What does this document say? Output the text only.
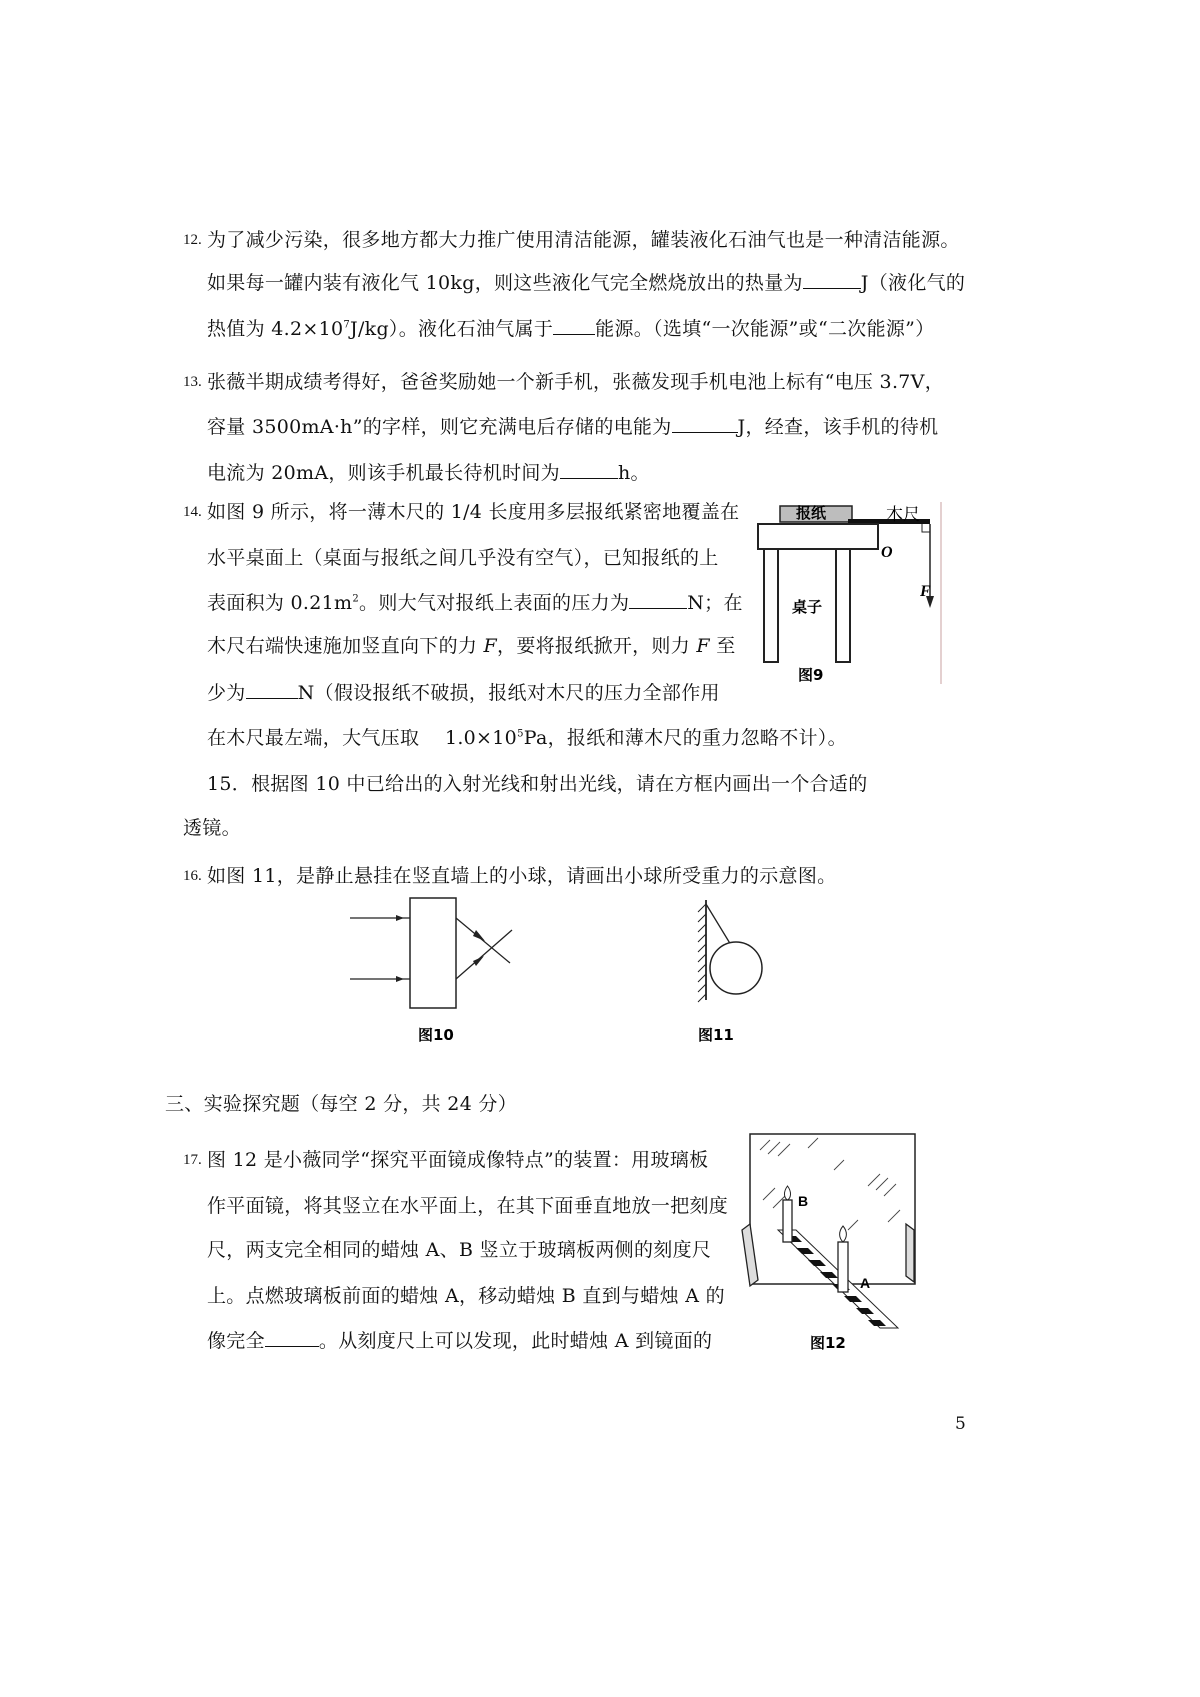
12. 为了减少污染，很多地方都大力推广使用清洁能源，罐装液化石油气也是一种清洁能源。
如果每一罐内装有液化气 10kg，则这些液化气完全燃烧放出的热量为	J（液化气的
热值为 $4.2\times 10^7J/kg$）。液化石油气属于 能源。（选填“一次能源”或“二次能源”）
13. 张薇半期成绩考得好，爸爸奖励她一个新手机，张薇发现手机电池上标有“电压 3.7V，
容量 3500mA·h”的字样，则它充满电后存储的电能为	J，经查，该手机的待机
电流为 20mA，则该手机最长待机时间为	h。
14. 如图 9 所示，将一薄木尺的 1/4 长度用多层报纸紧密地覆盖在
水平桌面上（桌面与报纸之间几乎没有空气），已知报纸的上
表面积为 $0.21m^2$。则大气对报纸上表面的压力为	N；在
木尺右端快速施加竖直向下的力 F，要将报纸掀开，则力 F 至
少为	N（假设报纸不破损，报纸对木尺的压力全部作用
在木尺最左端，大气压取　 $1.0\times 10^5Pa$，报纸和薄木尺的重力忽略不计）。
报纸	木尺
O
F
桌子
图9
15．根据图 10 中已给出的入射光线和射出光线，请在方框内画出一个合适的
透镜。
16. 如图 11，是静止悬挂在竖直墙上的小球，请画出小球所受重力的示意图。
图10	图11
三、实验探究题（每空 2 分，共 24 分）
17. 图 12 是小薇同学“探究平面镜成像特点”的装置：用玻璃板
作平面镜，将其竖立在水平面上，在其下面垂直地放一把刻度
尺，两支完全相同的蜡烛 A、B 竖立于玻璃板两侧的刻度尺
上。点燃玻璃板前面的蜡烛 A，移动蜡烛 B 直到与蜡烛 A 的
像完全	。从刻度尺上可以发现，此时蜡烛 A 到镜面的
B
A
图12
5
